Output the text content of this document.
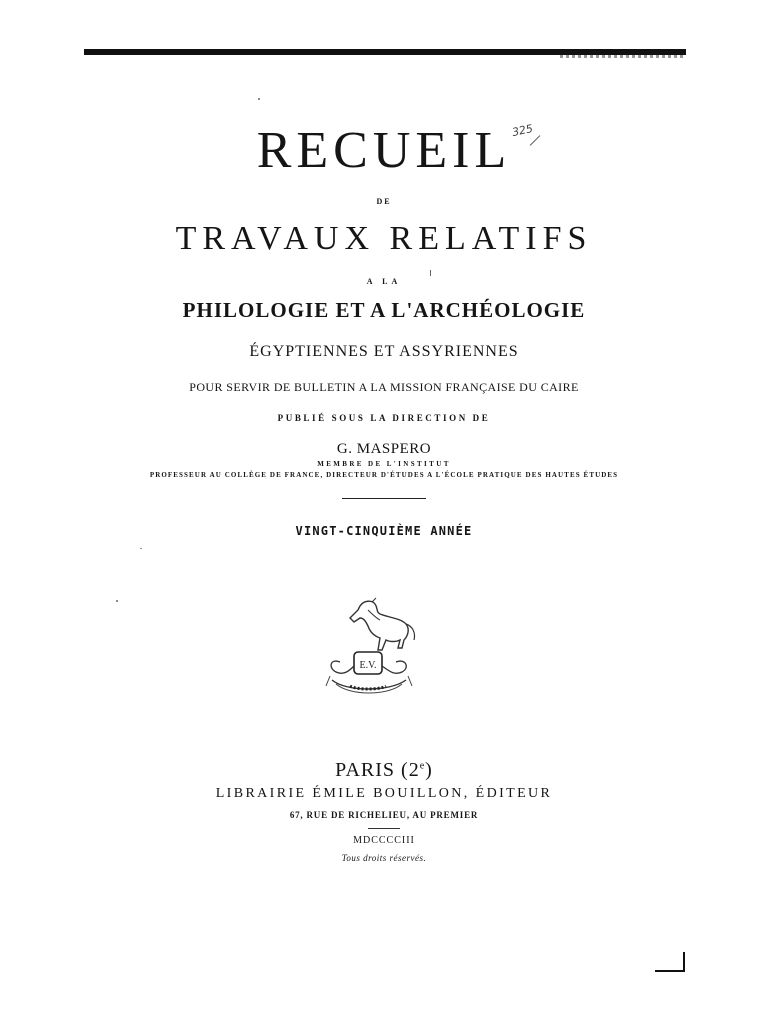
RECUEIL 325
DE
TRAVAUX RELATIFS
A LA
PHILOLOGIE ET A L'ARCHÉOLOGIE
ÉGYPTIENNES ET ASSYRIENNES
POUR SERVIR DE BULLETIN A LA MISSION FRANÇAISE DU CAIRE
PUBLIÉ SOUS LA DIRECTION DE
G. MASPERO
MEMBRE DE L'INSTITUT
PROFESSEUR AU COLLÈGE DE FRANCE, DIRECTEUR D'ÉTUDES A L'ÉCOLE PRATIQUE DES HAUTES ÉTUDES
VINGT-CINQUIÈME ANNÉE
E.V.
PARIS (2e)
LIBRAIRIE ÉMILE BOUILLON, ÉDITEUR
67, RUE DE RICHELIEU, AU PREMIER
MDCCCCIII
Tous droits réservés.
